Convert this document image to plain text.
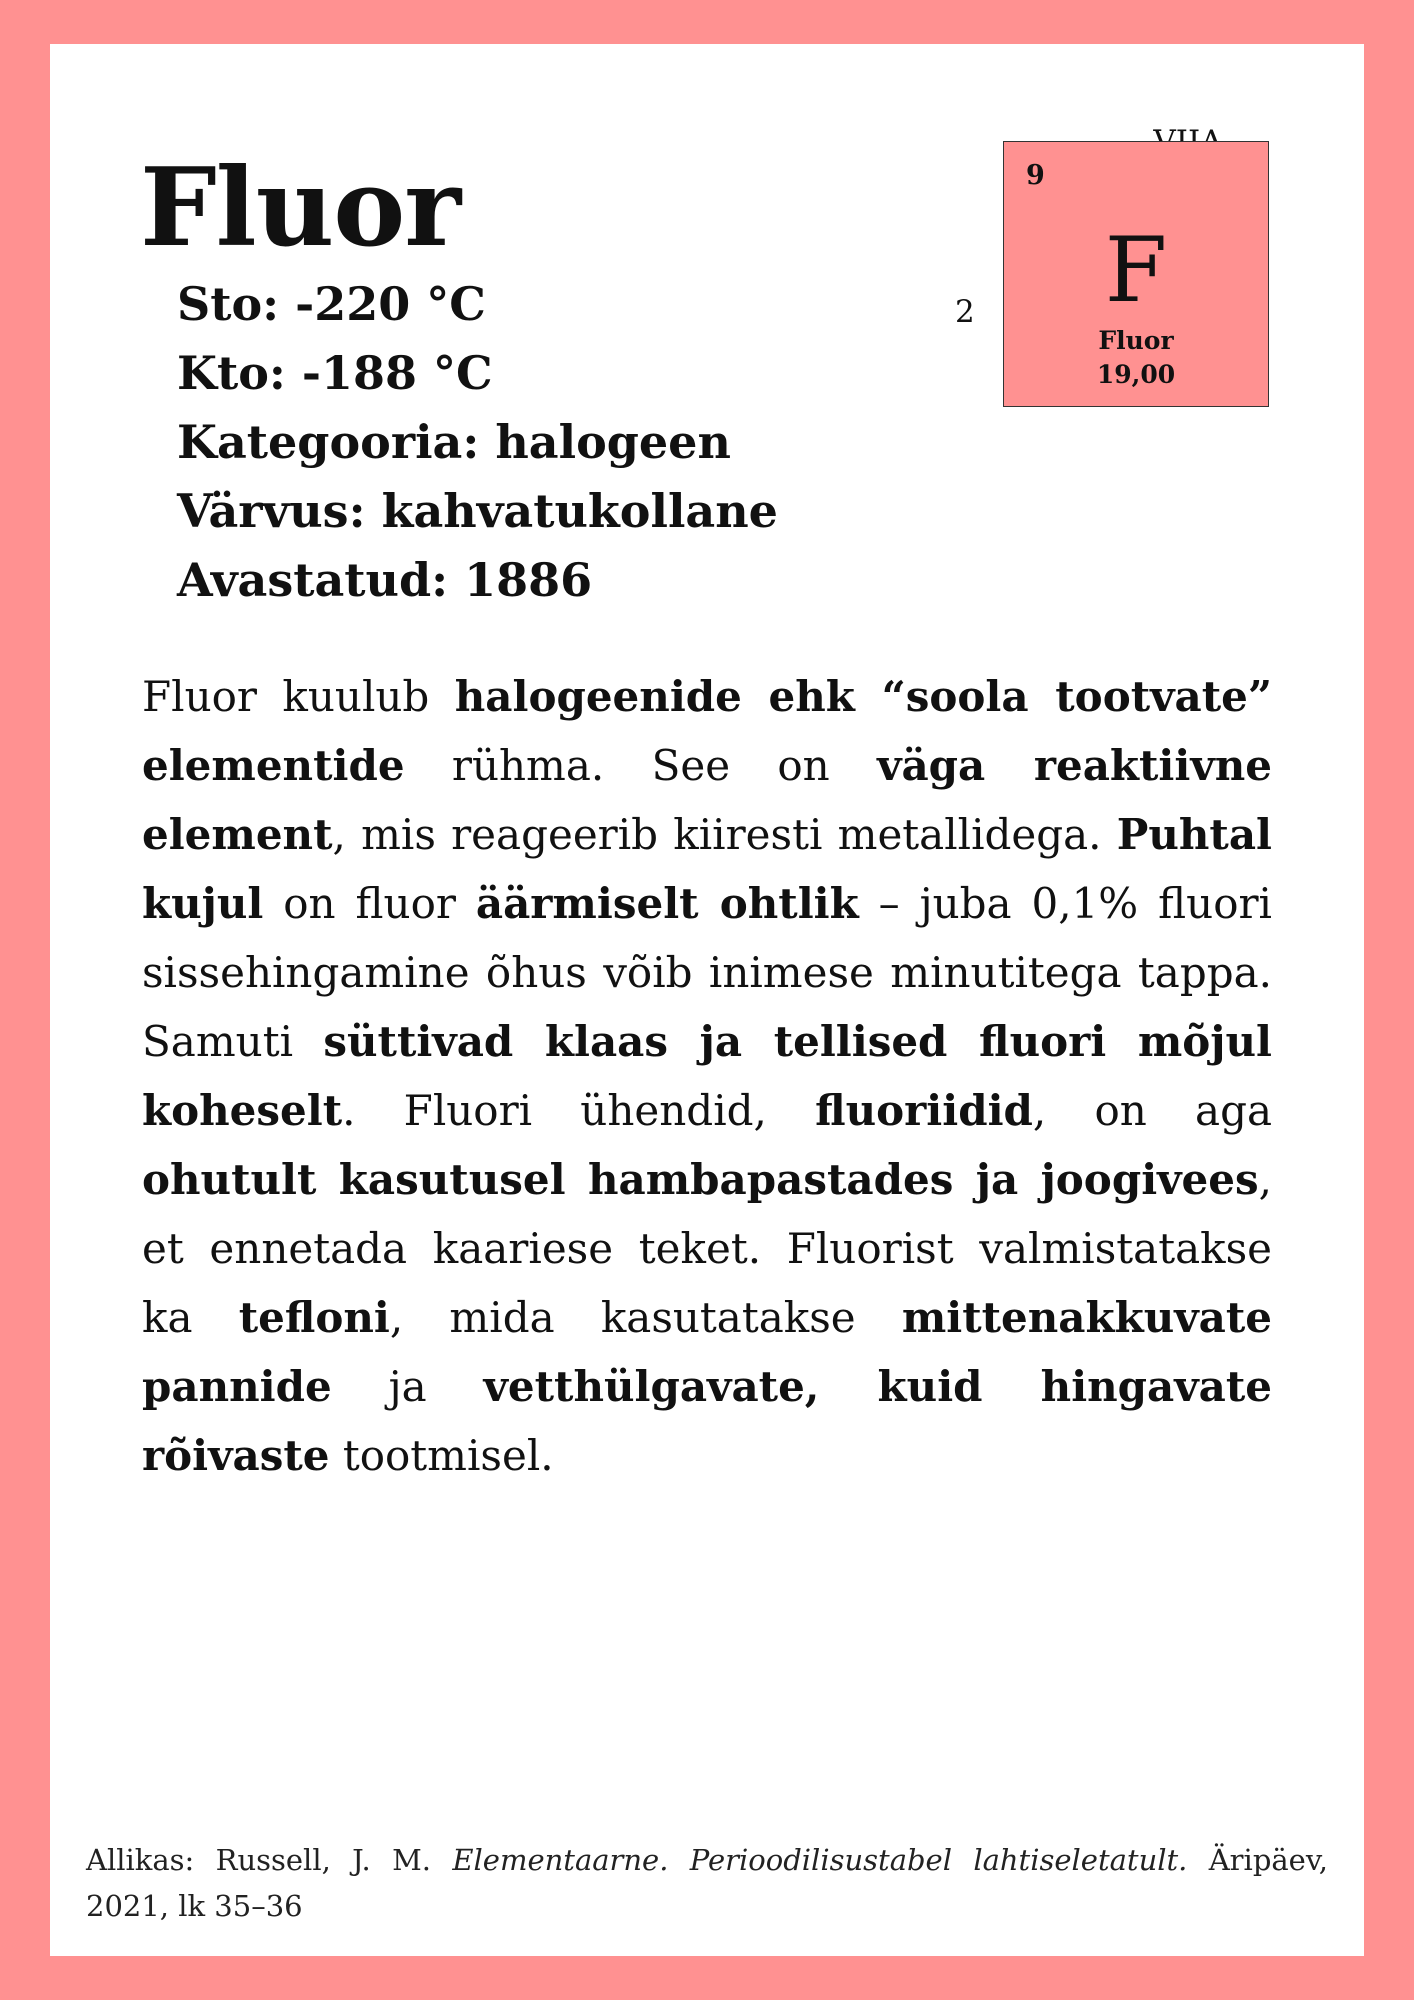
Fluor
Sto: -220 °C
Kto: -188 °C
Kategooria: halogeen
Värvus: kahvatukollane
Avastatud: 1886
2
9
F
Fluor
19,00

Fluor kuulub halogeenide ehk “soola tootvate” elementide rühma. See on väga reaktiivne element, mis reageerib kiiresti metallidega. Puhtal kujul on fluor äärmiselt ohtlik – juba 0,1% fluori sissehingamine õhus võib inimese minutitega tappa. Samuti süttivad klaas ja tellised fluori mõjul koheselt. Fluori ühendid, fluoriidid, on aga ohutult kasutusel hambapastades ja joogivees, et ennetada kaariese teket. Fluorist valmistatakse ka tefloni, mida kasutatakse mittenakkuvate pannide ja vetthülgavate, kuid hingavate rõivaste tootmisel.

Allikas: Russell, J. M. Elementaarne. Perioodilisustabel lahtiseletatult. Äripäev, 2021, lk 35–36
